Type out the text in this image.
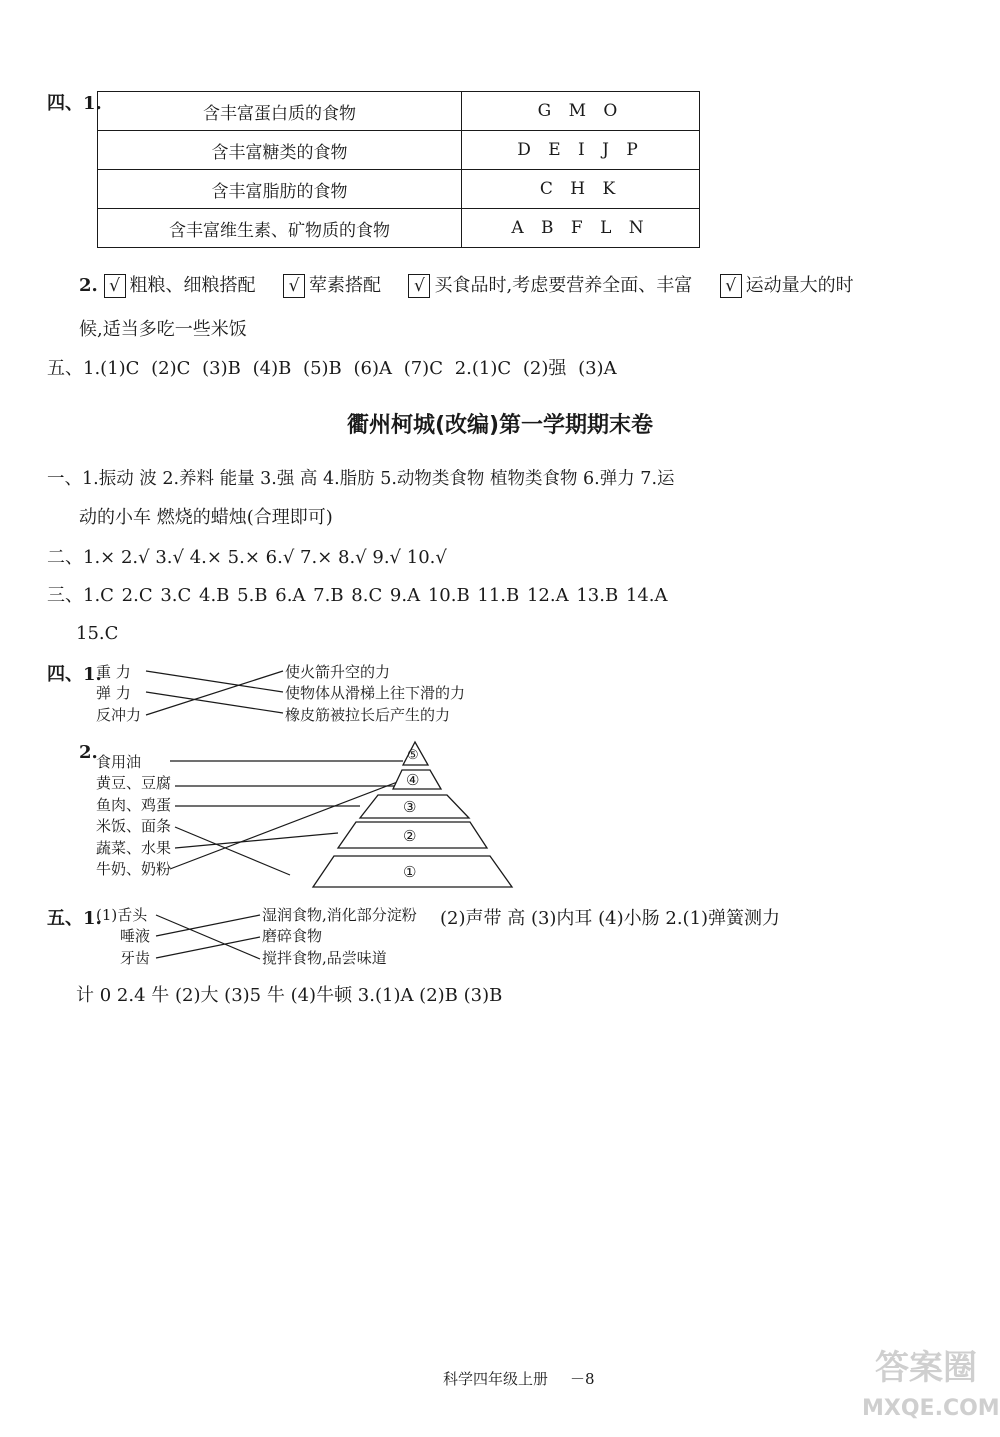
四、1.	含丰富蛋白质的食物	G M O
含丰富糖类的食物	D E I J P
含丰富脂肪的食物	C H K
含丰富维生素、矿物质的食物	A B F L N
2. √ 粗粮、细粮搭配 √ 荤素搭配 √ 买食品时,考虑要营养全面、丰富 √ 运动量大的时
候,适当多吃一些米饭
五、1.(1)C (2)C (3)B (4)B (5)B (6)A (7)C 2.(1)C (2)强 (3)A
衢州柯城(改编)第一学期期末卷
一、1.振动 波 2.养料 能量 3.强 高 4.脂肪 5.动物类食物 植物类食物 6.弹力 7.运
动的小车 燃烧的蜡烛(合理即可)
二、1.× 2.√ 3.√ 4.× 5.× 6.√ 7.× 8.√ 9.√ 10.√
三、1.C 2.C 3.C 4.B 5.B 6.A 7.B 8.C 9.A 10.B 11.B 12.A 13.B 14.A
15.C
四、1.
重 力
弹 力
反冲力
使火箭升空的力
使物体从滑梯上往下滑的力
橡皮筋被拉长后产生的力
⑤
④
③
②
①
2.
食用油
黄豆、豆腐
鱼肉、鸡蛋
米饭、面条
蔬菜、水果
牛奶、奶粉
五、1.
(1)舌头
唾液
牙齿
湿润食物,消化部分淀粉
磨碎食物
搅拌食物,品尝味道
(2)声带 高 (3)内耳 (4)小肠 2.(1)弹簧测力
计 0 2.4 牛 (2)大 (3)5 牛 (4)牛顿 3.(1)A (2)B (3)B
科学四年级上册 －8	答案圈
MXQE.COM
